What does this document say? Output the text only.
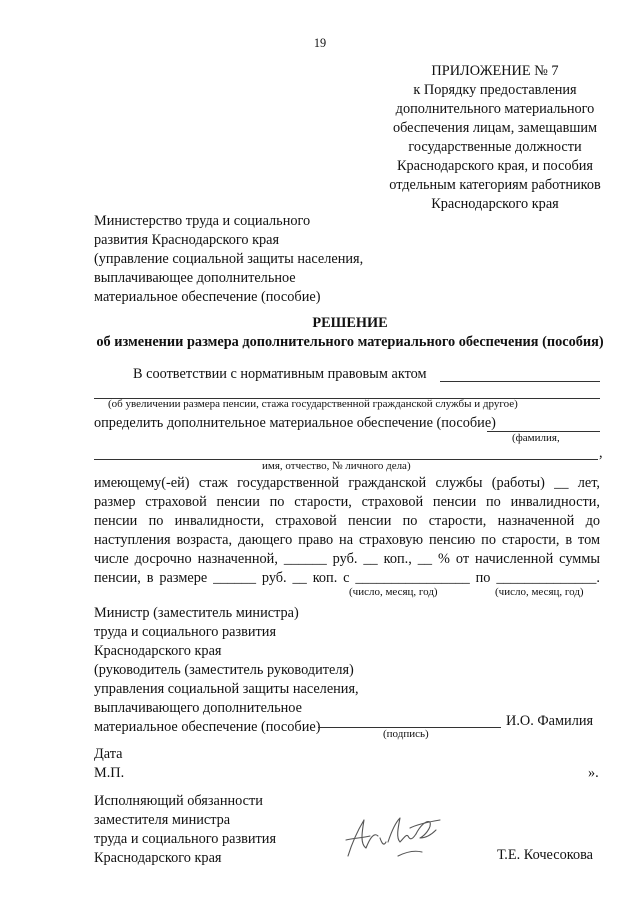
19
ПРИЛОЖЕНИЕ № 7
к Порядку предоставления
дополнительного материального
обеспечения лицам, замещавшим
государственные должности
Краснодарского края, и пособия
отдельным категориям работников
Краснодарского края
Министерство труда и социального
развития Краснодарского края
(управление социальной защиты населения,
выплачивающее дополнительное
материальное обеспечение (пособие)
РЕШЕНИЕ
об изменении размера дополнительного материального обеспечения (пособия)
В соответствии с нормативным правовым актом
(об увеличении размера пенсии, стажа государственной гражданской службы и другое)
определить дополнительное материальное обеспечение (пособие)
(фамилия,
,
имя, отчество, № личного дела)
имеющему(-ей) стаж государственной гражданской службы (работы) __ лет,
размер страховой пенсии по старости, страховой пенсии по инвалидности,
пенсии по инвалидности, страховой пенсии по старости, назначенной до
наступления возраста, дающего право на страховую пенсию по старости, в том
числе досрочно назначенной, ______ руб. __ коп., __ % от начисленной суммы
пенсии, в размере ______ руб. __ коп. с ________________ по ______________.
(число, месяц, год)	(число, месяц, год)
Министр (заместитель министра)
труда и социального развития
Краснодарского края
(руководитель (заместитель руководителя)
управления социальной защиты населения,
выплачивающего дополнительное
материальное обеспечение (пособие)	И.О. Фамилия
(подпись)
Дата
М.П.	».
Исполняющий обязанности
заместителя министра
труда и социального развития
Краснодарского края	Т.Е. Кочесокова
